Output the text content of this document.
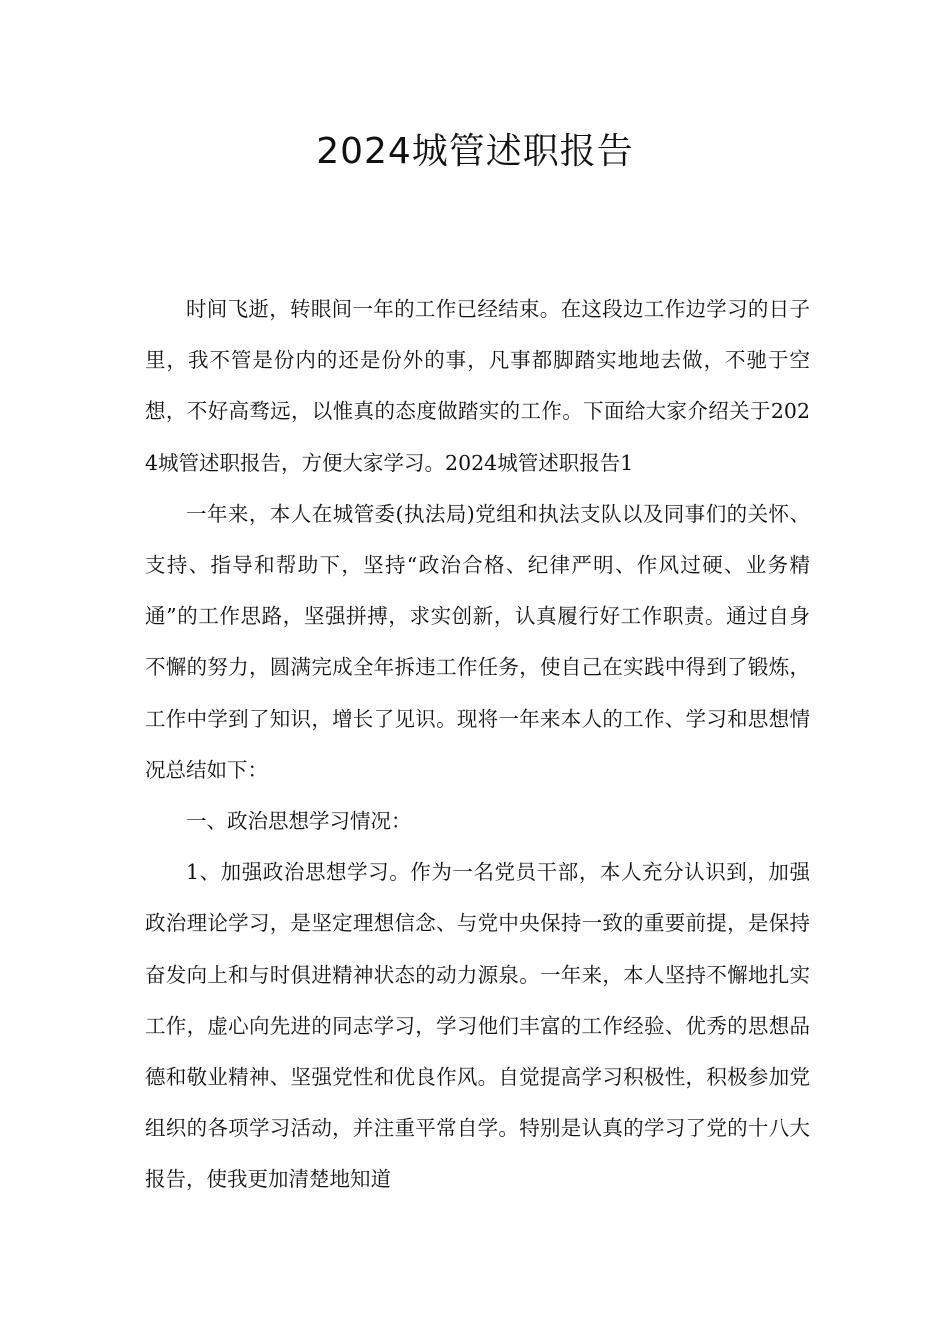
2024城管述职报告

时间飞逝，转眼间一年的工作已经结束。在这段边工作边学习的日子里，我不管是份内的还是份外的事，凡事都脚踏实地地去做，不驰于空想，不好高骛远，以惟真的态度做踏实的工作。下面给大家介绍关于2024城管述职报告，方便大家学习。2024城管述职报告1

一年来，本人在城管委(执法局)党组和执法支队以及同事们的关怀、支持、指导和帮助下，坚持“政治合格、纪律严明、作风过硬、业务精通”的工作思路，坚强拼搏，求实创新，认真履行好工作职责。通过自身不懈的努力，圆满完成全年拆违工作任务，使自己在实践中得到了锻炼，工作中学到了知识，增长了见识。现将一年来本人的工作、学习和思想情况总结如下：

一、政治思想学习情况：

1、加强政治思想学习。作为一名党员干部，本人充分认识到，加强政治理论学习，是坚定理想信念、与党中央保持一致的重要前提，是保持奋发向上和与时俱进精神状态的动力源泉。一年来，本人坚持不懈地扎实工作，虚心向先进的同志学习，学习他们丰富的工作经验、优秀的思想品德和敬业精神、坚强党性和优良作风。自觉提高学习积极性，积极参加党组织的各项学习活动，并注重平常自学。特别是认真的学习了党的十八大报告，使我更加清楚地知道
